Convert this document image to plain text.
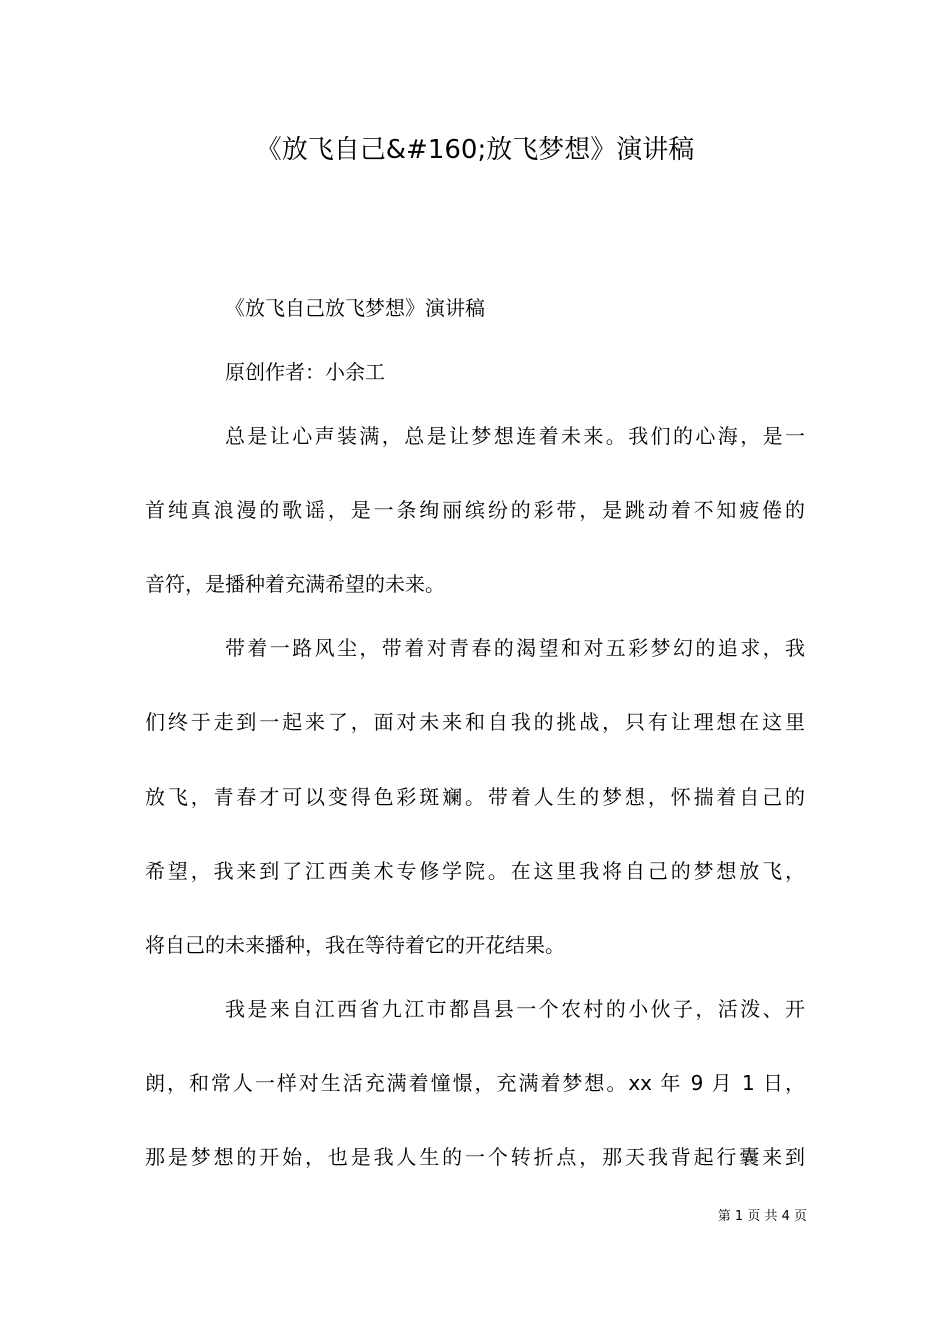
《放飞自己&#160;放飞梦想》演讲稿
《放飞自己放飞梦想》演讲稿
原创作者：小余工
总是让心声装满，总是让梦想连着未来。我们的心海，是一
首纯真浪漫的歌谣，是一条绚丽缤纷的彩带，是跳动着不知疲倦的
音符，是播种着充满希望的未来。
带着一路风尘，带着对青春的渴望和对五彩梦幻的追求，我
们终于走到一起来了，面对未来和自我的挑战，只有让理想在这里
放飞，青春才可以变得色彩斑斓。带着人生的梦想，怀揣着自己的
希望，我来到了江西美术专修学院。在这里我将自己的梦想放飞，
将自己的未来播种，我在等待着它的开花结果。
我是来自江西省九江市都昌县一个农村的小伙子，活泼、开
朗，和常人一样对生活充满着憧憬，充满着梦想。xx 年 9 月 1 日，
那是梦想的开始，也是我人生的一个转折点，那天我背起行囊来到
第 1 页 共 4 页
